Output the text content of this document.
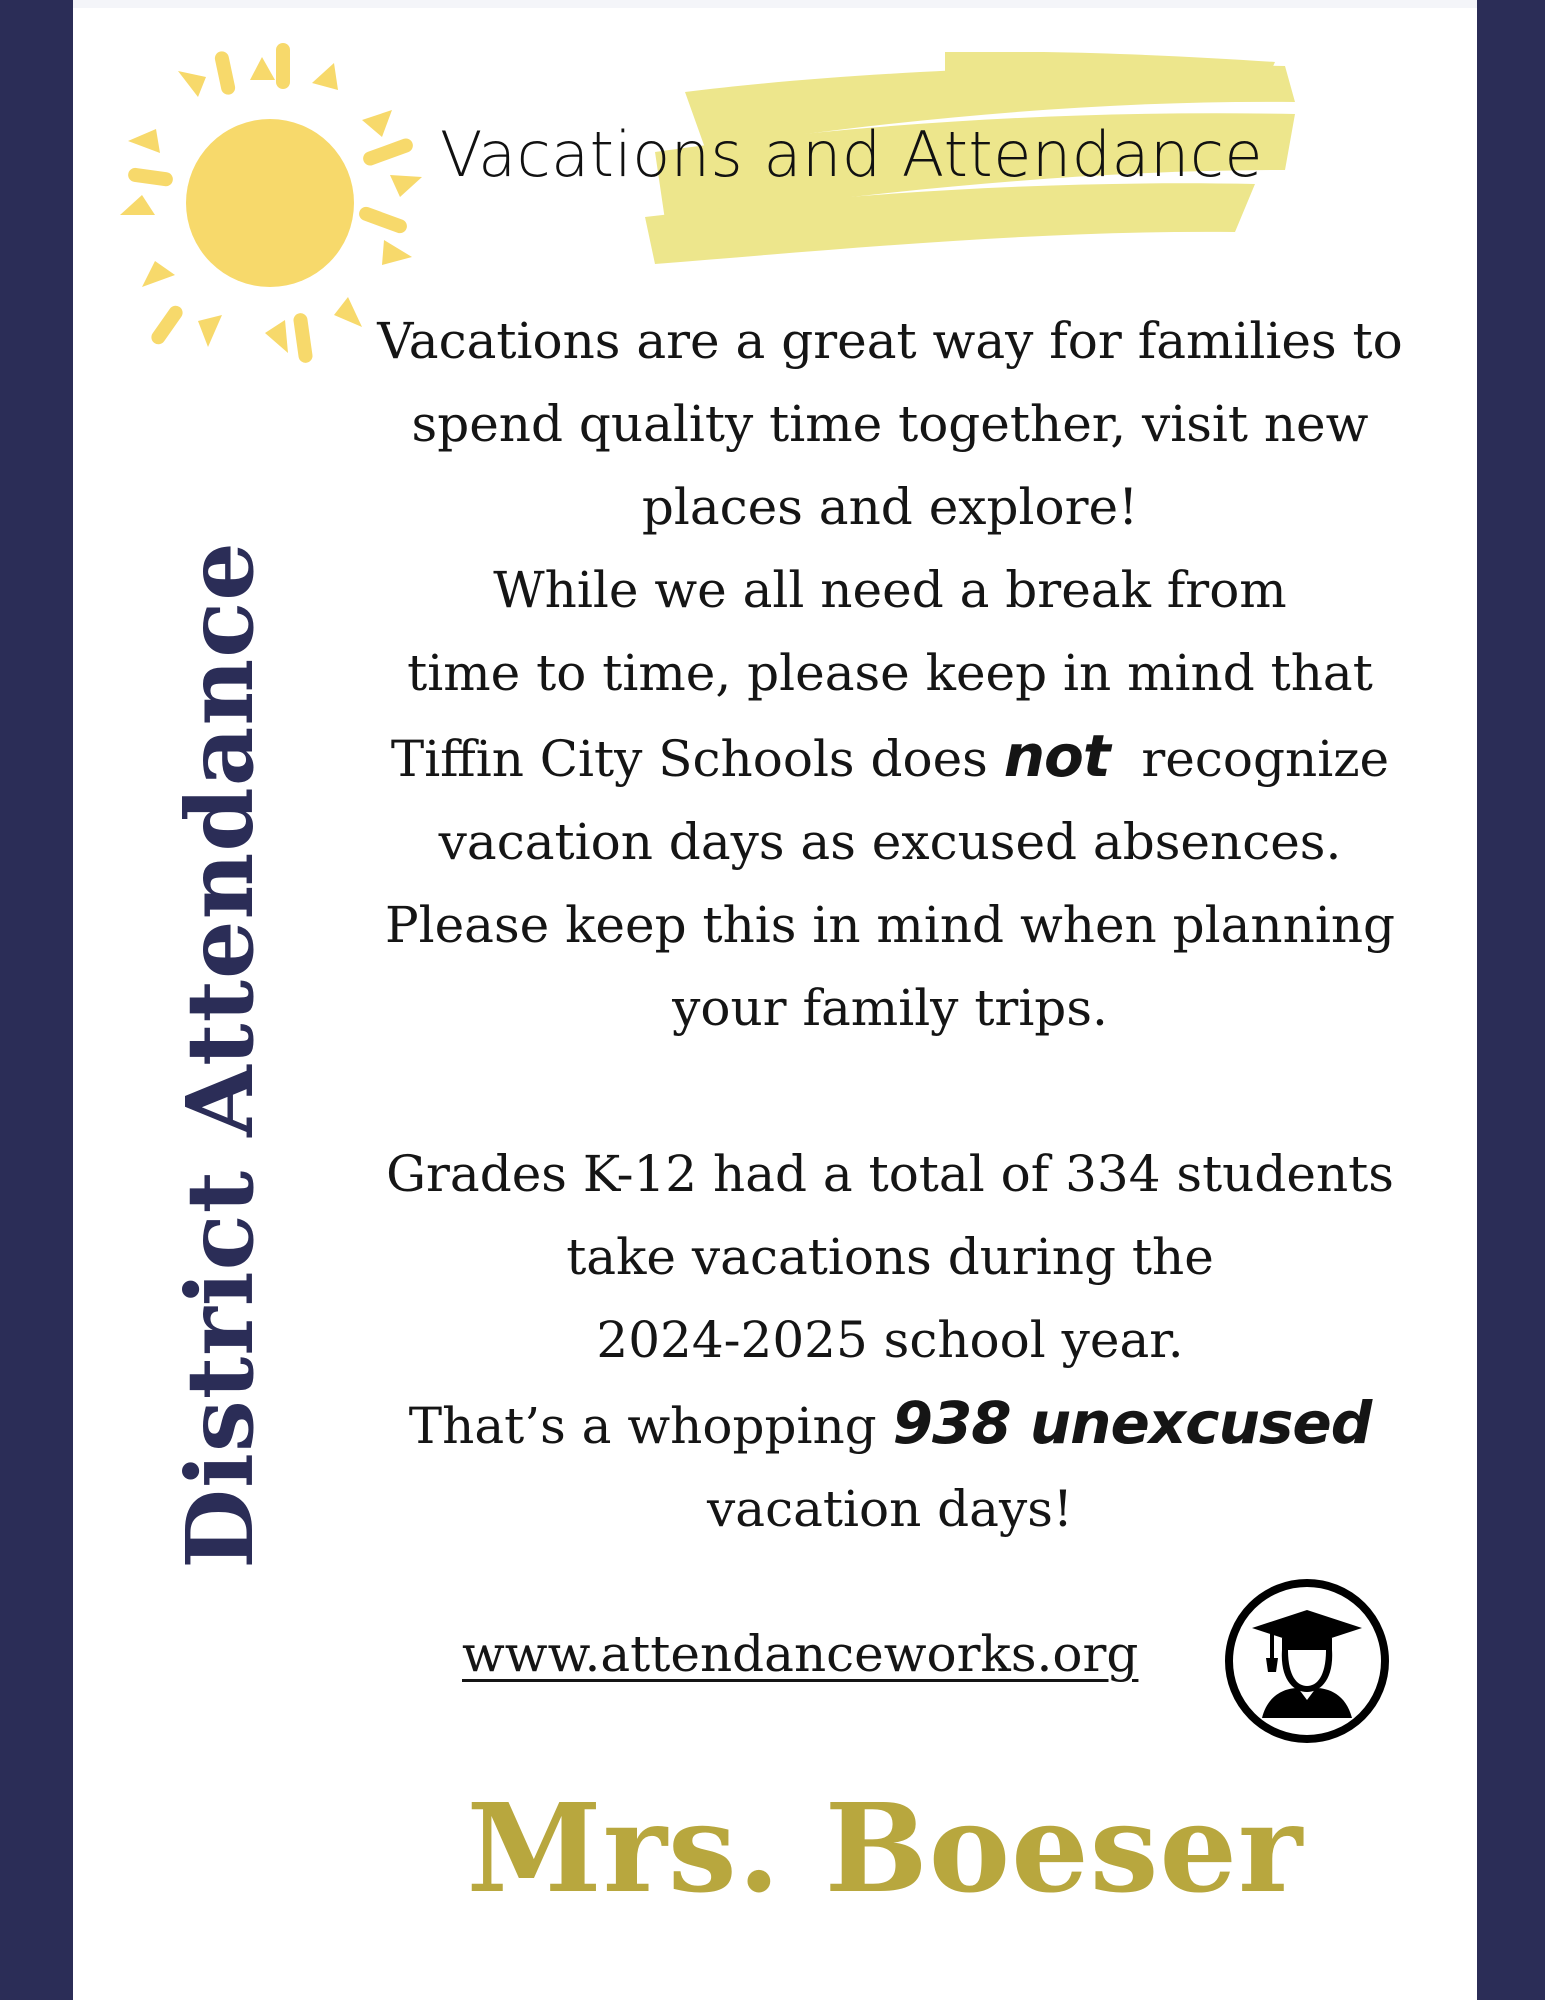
Vacations and Attendance
District Attendance
Vacations are a great way for families to
spend quality time together, visit new
places and explore!
While we all need a break from
time to time, please keep in mind that
Tiffin City Schools does not  recognize
vacation days as excused absences.
Please keep this in mind when planning
your family trips.
Grades K-12 had a total of 334 students
take vacations during the
2024-2025 school year.
That’s a whopping 938 unexcused
vacation days!
www.attendanceworks.org
Mrs. Boeser
